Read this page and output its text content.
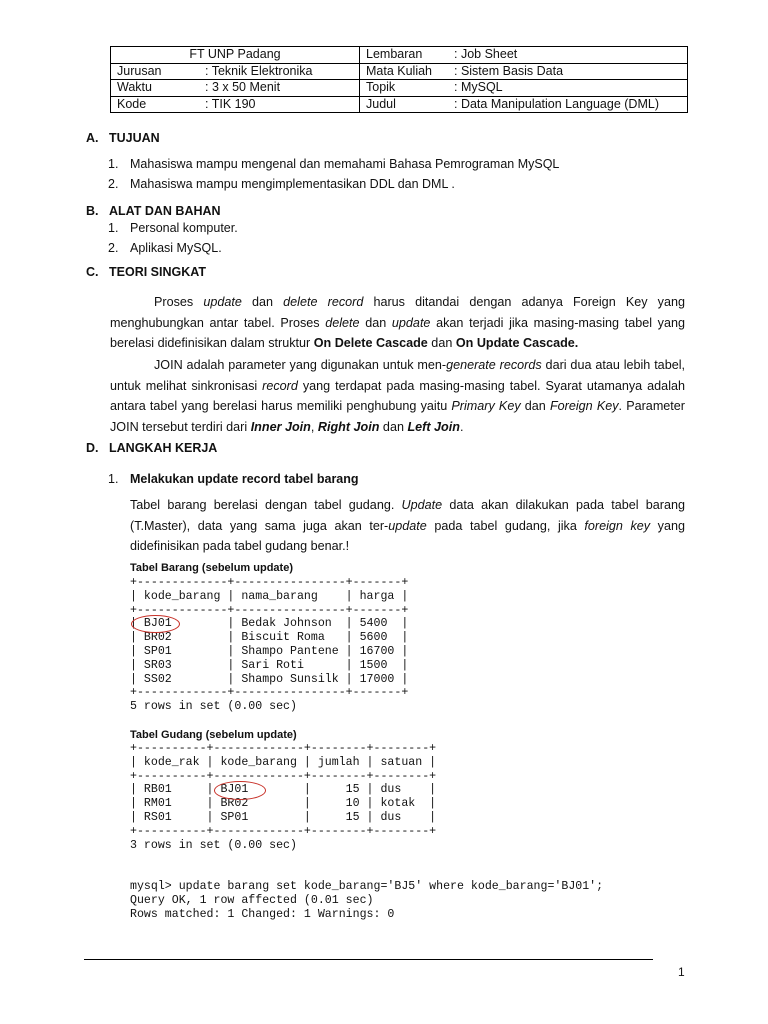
FT UNP Padang	Lembaran : Job Sheet
Jurusan : Teknik Elektronika	Mata Kuliah : Sistem Basis Data
Waktu : 3 x 50 Menit	Topik : MySQL
Kode : TIK 190	Judul : Data Manipulation Language (DML)
A. TUJUAN
1. Mahasiswa mampu mengenal dan memahami Bahasa Pemrograman MySQL
2. Mahasiswa mampu mengimplementasikan DDL dan DML .
B. ALAT DAN BAHAN
1. Personal komputer.
2. Aplikasi MySQL.
C. TEORI SINGKAT
Proses update dan delete record harus ditandai dengan adanya Foreign Key yang menghubungkan antar tabel. Proses delete dan update akan terjadi jika masing-masing tabel yang berelasi didefinisikan dalam struktur On Delete Cascade dan On Update Cascade.
JOIN adalah parameter yang digunakan untuk men-generate records dari dua atau lebih tabel, untuk melihat sinkronisasi record yang terdapat pada masing-masing tabel. Syarat utamanya adalah antara tabel yang berelasi harus memiliki penghubung yaitu Primary Key dan Foreign Key. Parameter JOIN tersebut terdiri dari Inner Join, Right Join dan Left Join.
D. LANGKAH KERJA
1. Melakukan update record tabel barang
Tabel barang berelasi dengan tabel gudang. Update data akan dilakukan pada tabel barang (T.Master), data yang sama juga akan ter-update pada tabel gudang, jika foreign key yang didefinisikan pada tabel gudang benar.!
Tabel Barang (sebelum update)
+-------------+----------------+-------+
| kode_barang | nama_barang    | harga |
+-------------+----------------+-------+
| BJ01        | Bedak Johnson  | 5400  |
| BR02        | Biscuit Roma   | 5600  |
| SP01        | Shampo Pantene | 16700 |
| SR03        | Sari Roti      | 1500  |
| SS02        | Shampo Sunsilk | 17000 |
+-------------+----------------+-------+
5 rows in set (0.00 sec)
Tabel Gudang (sebelum update)
+----------+-------------+--------+--------+
| kode_rak | kode_barang | jumlah | satuan |
+----------+-------------+--------+--------+
| RB01     | BJ01        |     15 | dus    |
| RM01     | BR02        |     10 | kotak  |
| RS01     | SP01        |     15 | dus    |
+----------+-------------+--------+--------+
3 rows in set (0.00 sec)
mysql> update barang set kode_barang='BJ5' where kode_barang='BJ01';
Query OK, 1 row affected (0.01 sec)
Rows matched: 1 Changed: 1 Warnings: 0
1
